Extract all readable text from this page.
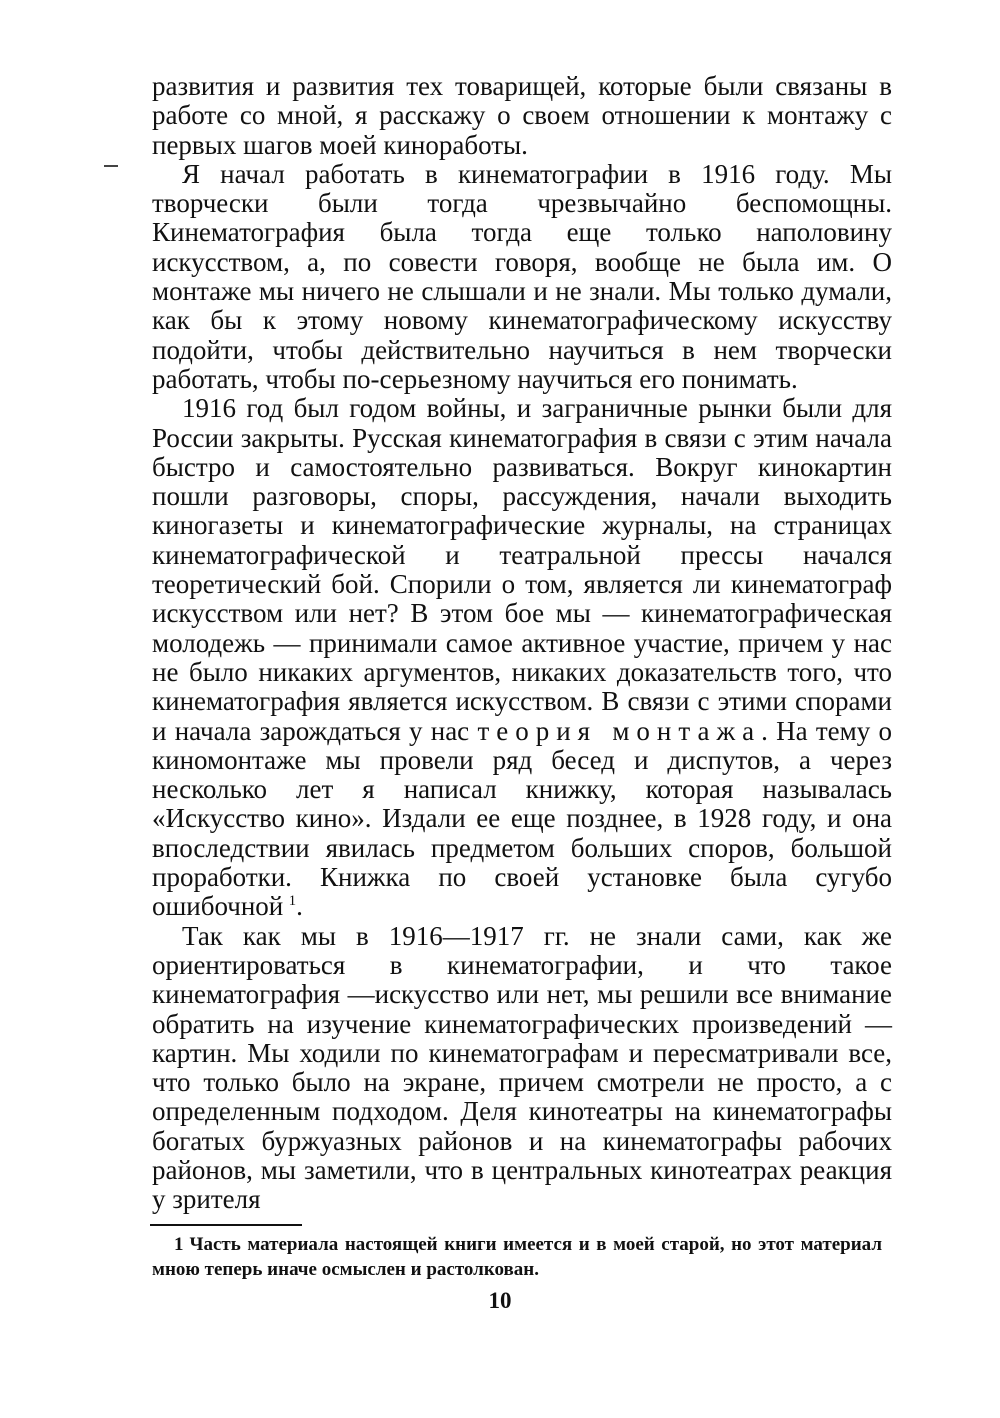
развития и развития тех товарищей, которые были связаны в работе со мной, я расскажу о своем отношении к монтажу с первых шагов моей киноработы.

Я начал работать в кинематографии в 1916 году. Мы творчески были тогда чрезвычайно беспомощны. Кинематография была тогда еще только наполовину искусством, а, по совести говоря, вообще не была им. О монтаже мы ничего не слышали и не знали. Мы только думали, как бы к этому новому кинематографическому искусству подойти, чтобы действительно научиться в нем творчески работать, чтобы по-серьезному научиться его понимать.

1916 год был годом войны, и заграничные рынки были для России закрыты. Русская кинематография в связи с этим начала быстро и самостоятельно развиваться. Вокруг кинокартин пошли разговоры, споры, рассуждения, начали выходить киногазеты и кинематографические журналы, на страницах кинематографической и театральной прессы начался теоретический бой. Спорили о том, является ли кинематограф искусством или нет? В этом бое мы — кинематографическая молодежь — принимали самое активное участие, причем у нас не было никаких аргументов, никаких доказательств того, что кинематография является искусством. В связи с этими спорами и начала зарождаться у нас теория монтажа. На тему о киномонтаже мы провели ряд бесед и диспутов, а через несколько лет я написал книжку, которая называлась «Искусство кино». Издали ее еще позднее, в 1928 году, и она впоследствии явилась предметом больших споров, большой проработки. Книжка по своей установке была сугубо ошибочной  $^1$.

Так как мы в 1916—1917 гг. не знали сами, как же ориентироваться в кинематографии, и что такое кинематография —искусство или нет, мы решили все внимание обратить на изучение кинематографических произведений — картин. Мы ходили по кинематографам и пересматривали все, что только было на экране, причем смотрели не просто, а с определенным подходом. Деля кинотеатры на кинематографы богатых буржуазных районов и на кинематографы рабочих районов, мы заметили, что в центральных кинотеатрах реакция у зрителя

1 Часть материала настоящей книги имеется и в моей старой, но этот материал мною теперь иначе осмыслен и растолкован.
10
